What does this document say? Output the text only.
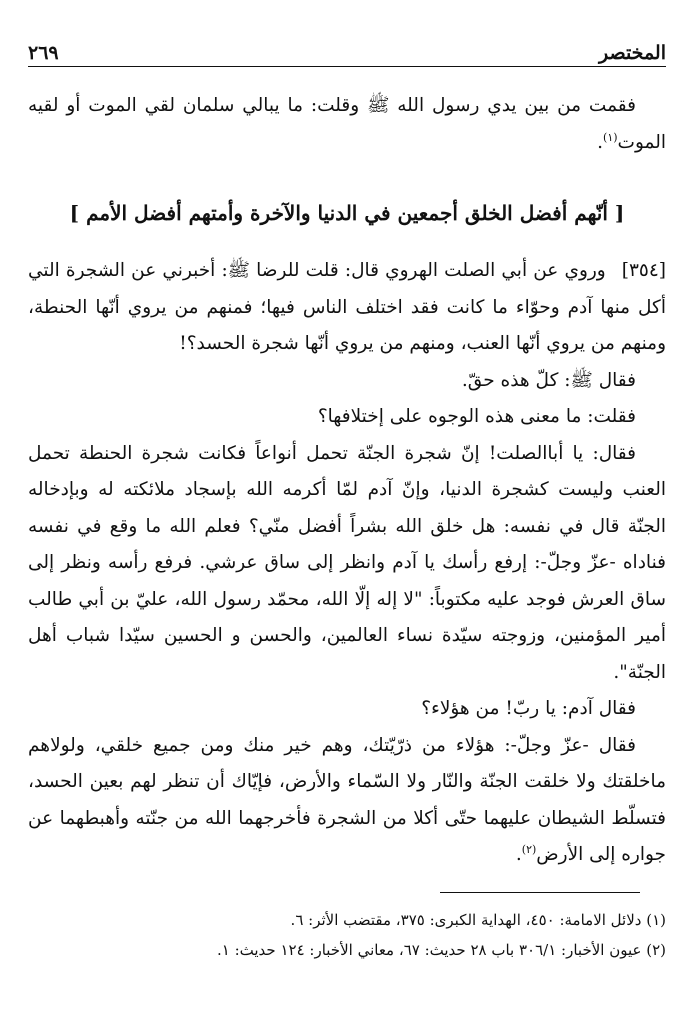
المختصر
٢٦٩

فقمت من بين يدي رسول الله ﷺ وقلت: ما يبالي سلمان لقي الموت أو لقيه الموت$^{(١)}$.

[ أنّهم أفضل الخلق أجمعين في الدنيا والآخرة وأمتهم أفضل الأمم ]

[٣٥٤]وروي عن أبي الصلت الهروي قال: قلت للرضا ﷺ: أخبرني عن الشجرة التي أكل منها آدم وحوّاء ما كانت فقد اختلف الناس فيها؛ فمنهم من يروي أنّها الحنطة، ومنهم من يروي أنّها العنب، ومنهم من يروي أنّها شجرة الحسد؟!

فقال ﷺ: كلّ هذه حقّ.

فقلت: ما معنى هذه الوجوه على إختلافها؟

فقال: يا أباالصلت! إنّ شجرة الجنّة تحمل أنواعاً فكانت شجرة الحنطة تحمل العنب وليست كشجرة الدنيا، وإنّ آدم لمّا أكرمه الله بإسجاد ملائكته له وبإدخاله الجنّة قال في نفسه: هل خلق الله بشراً أفضل منّي؟ فعلم الله ما وقع في نفسه فناداه -عزّ وجلّ-: إرفع رأسك يا آدم وانظر إلى ساق عرشي. فرفع رأسه ونظر إلى ساق العرش فوجد عليه مكتوباً: "لا إله إلّا الله، محمّد رسول الله، عليّ بن أبي طالب أمير المؤمنين، وزوجته سيّدة نساء العالمين، والحسن و الحسين سيّدا شباب أهل الجنّة".

فقال آدم: يا ربّ! من هؤلاء؟

فقال -عزّ وجلّ-: هؤلاء من ذرّيّتك، وهم خير منك ومن جميع خلقي، ولولاهم ماخلقتك ولا خلقت الجنّة والنّار ولا السّماء والأرض، فإيّاك أن تنظر لهم بعين الحسد، فتسلّط الشيطان عليهما حتّى أكلا من الشجرة فأخرجهما الله من جنّته وأهبطهما عن جواره إلى الأرض$^{(٢)}$.

(١) دلائل الامامة: ٤٥٠، الهداية الكبرى: ٣٧٥، مقتضب الأثر: ٦.

(٢) عيون الأخبار: ٣٠٦/١ باب ٢٨ حديث: ٦٧، معاني الأخبار: ١٢٤ حديث: ١.
